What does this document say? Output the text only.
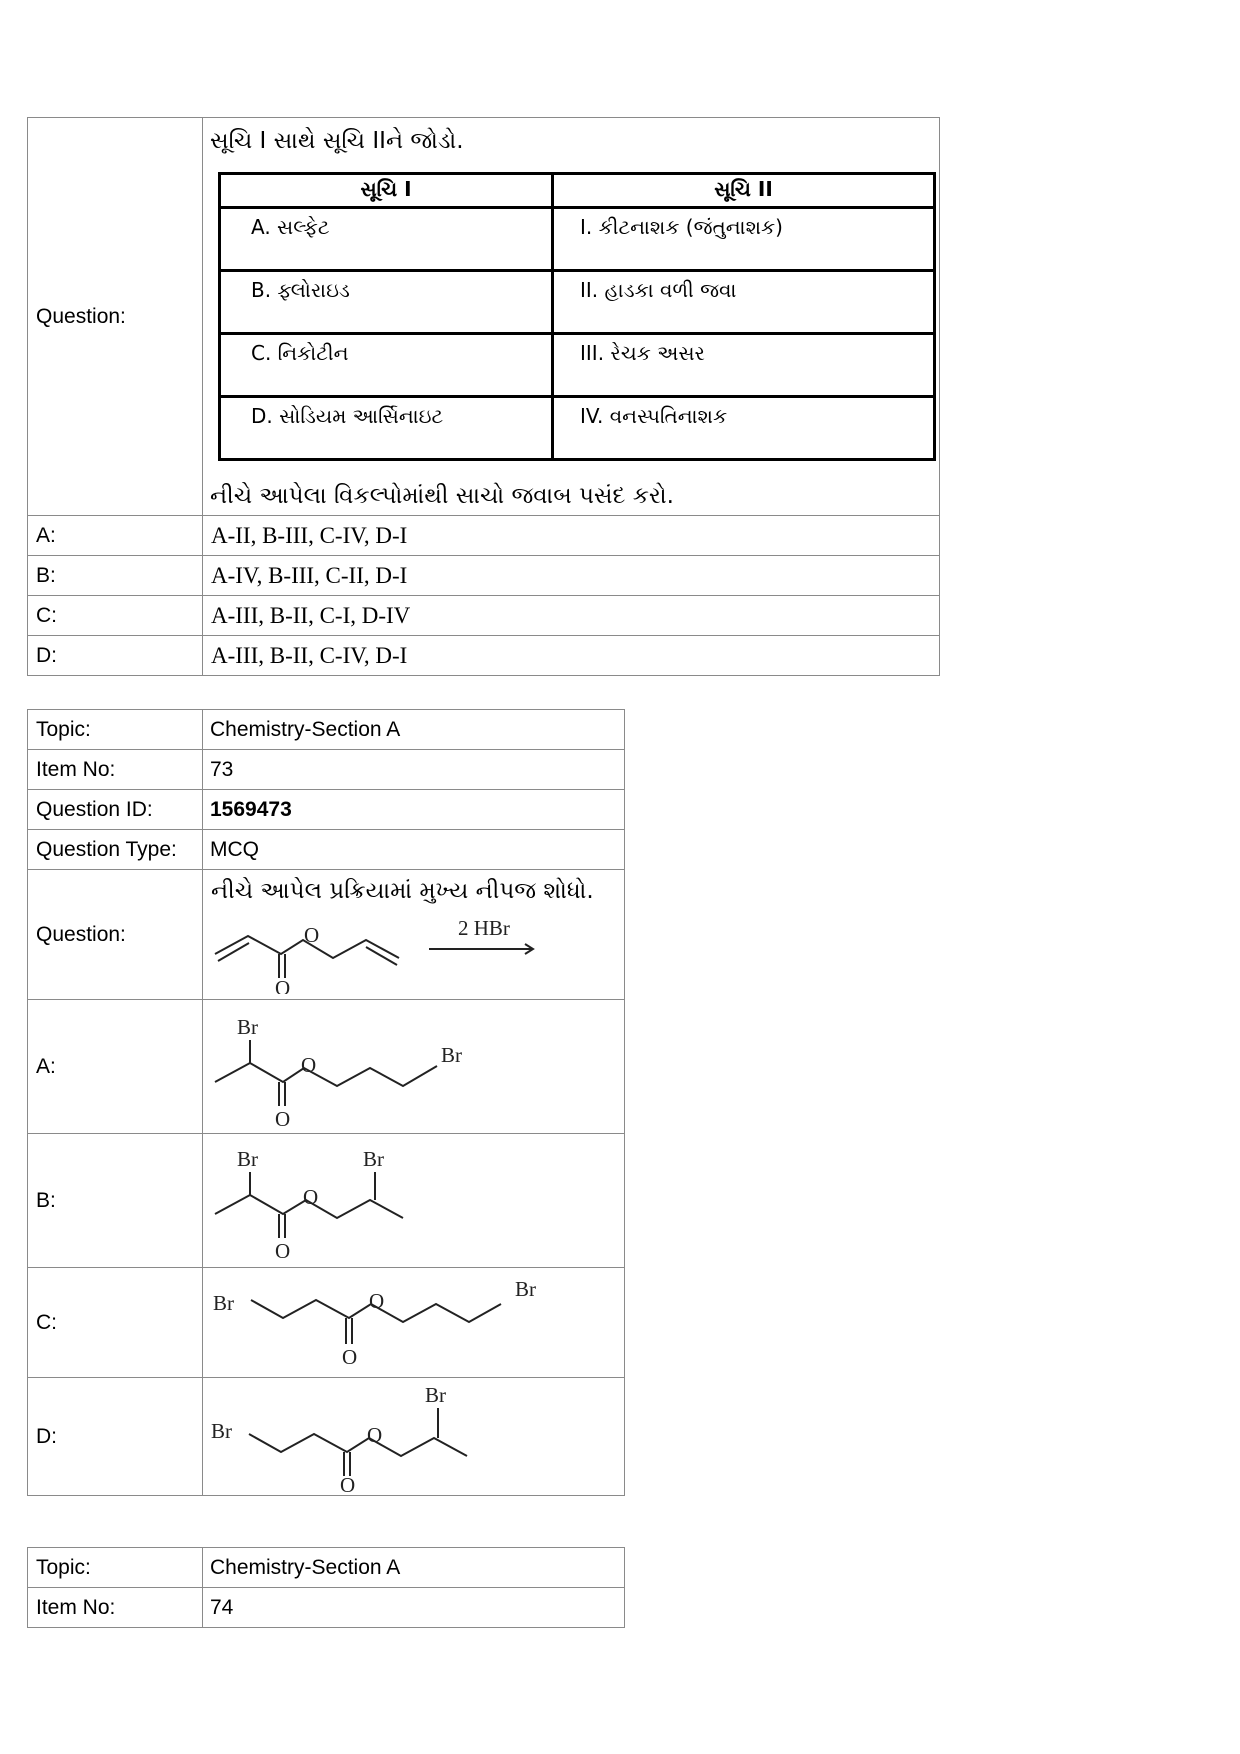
Question:	
સૂચિ I સાથે સૂચિ IIને જોડો.
સૂચિ I	સૂચિ II
A. સલ્ફેટ	I. કીટનાશક (જંતુનાશક)
B. ફ્લોરાઇડ	II. હાડકા વળી જવા
C. નિકોટીન	III. રેચક અસર
D. સોડિયમ આર્સિનાઇટ	IV. વનસ્પતિનાશક
નીચે આપેલા વિકલ્પોમાંથી સાચો જવાબ પસંદ કરો.

A:	A-II, B-III, C-IV, D-I
B:	A-IV, B-III, C-II, D-I
C:	A-III, B-II, C-I, D-IV
D:	A-III, B-II, C-IV, D-I
Topic:	Chemistry-Section A
Item No:	73
Question ID:	1569473
Question Type:	MCQ
Question:	નીચે આપેલ પ્રક્રિયામાં મુખ્ય નીપજ શોધો.
O
O 2 HBr

A:	Br
O
O Br

B:	Br Br
O
O

C:	Br
O
O Br

D:	Br
Br
O
O
Topic:	Chemistry-Section A
Item No:	74
